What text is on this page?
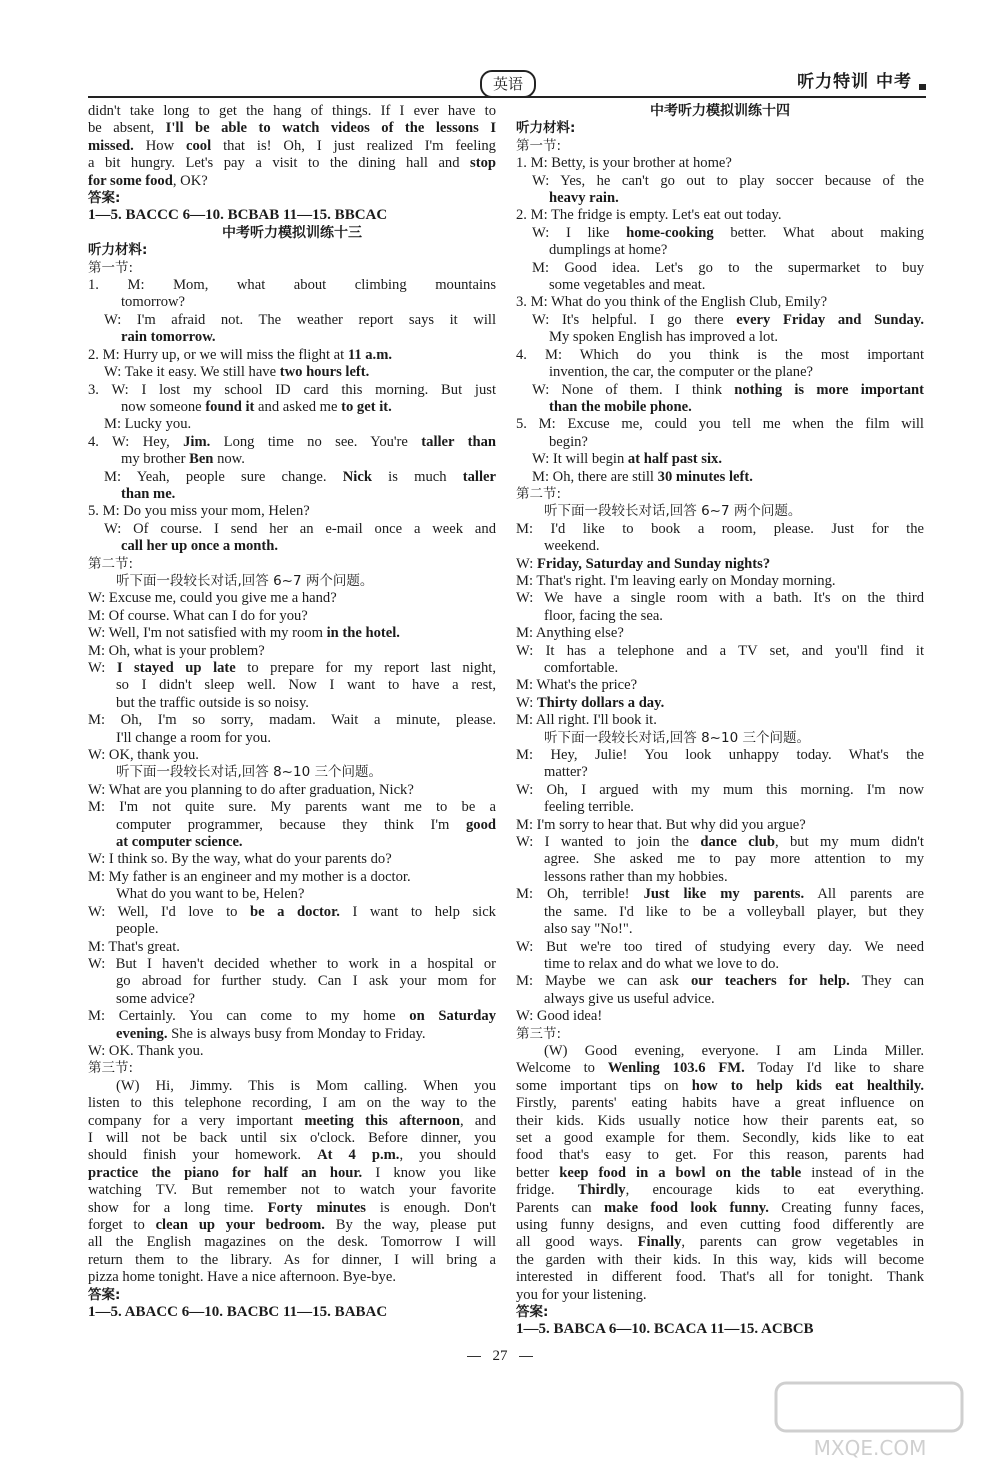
英语	听力特训 中考
didn't take long to get the hang of things. If I ever have to
be absent, I'll be able to watch videos of the lessons I
missed. How cool that is! Oh, I just realized I'm feeling
a bit hungry. Let's pay a visit to the dining hall and stop
for some food, OK?
答案:
1—5. BACCC 6—10. BCBAB 11—15. BBCAC
中考听力模拟训练十三
听力材料:
第一节:
1. M: Mom, what about climbing mountains
tomorrow?
W: I'm afraid not. The weather report says it will
rain tomorrow.
2. M: Hurry up, or we will miss the flight at 11 a.m.
W: Take it easy. We still have two hours left.
3. W: I lost my school ID card this morning. But just
now someone found it and asked me to get it.
M: Lucky you.
4. W: Hey, Jim. Long time no see. You're taller than
my brother Ben now.
M: Yeah, people sure change. Nick is much taller
than me.
5. M: Do you miss your mom, Helen?
W: Of course. I send her an e-mail once a week and
call her up once a month.
第二节:
听下面一段较长对话,回答 6~7 两个问题。
W: Excuse me, could you give me a hand?
M: Of course. What can I do for you?
W: Well, I'm not satisfied with my room in the hotel.
M: Oh, what is your problem?
W: I stayed up late to prepare for my report last night,
so I didn't sleep well. Now I want to have a rest,
but the traffic outside is so noisy.
M: Oh, I'm so sorry, madam. Wait a minute, please.
I'll change a room for you.
W: OK, thank you.
听下面一段较长对话,回答 8~10 三个问题。
W: What are you planning to do after graduation, Nick?
M: I'm not quite sure. My parents want me to be a
computer programmer, because they think I'm good
at computer science.
W: I think so. By the way, what do your parents do?
M: My father is an engineer and my mother is a doctor.
What do you want to be, Helen?
W: Well, I'd love to be a doctor. I want to help sick
people.
M: That's great.
W: But I haven't decided whether to work in a hospital or
go abroad for further study. Can I ask your mom for
some advice?
M: Certainly. You can come to my home on Saturday
evening. She is always busy from Monday to Friday.
W: OK. Thank you.
第三节:
(W) Hi, Jimmy. This is Mom calling. When you
listen to this telephone recording, I am on the way to the
company for a very important meeting this afternoon, and
I will not be back until six o'clock. Before dinner, you
should finish your homework. At 4 p.m., you should
practice the piano for half an hour. I know you like
watching TV. But remember not to watch your favorite
show for a long time. Forty minutes is enough. Don't
forget to clean up your bedroom. By the way, please put
all the English magazines on the desk. Tomorrow I will
return them to the library. As for dinner, I will bring a
pizza home tonight. Have a nice afternoon. Bye-bye.
答案:
1—5. ABACC 6—10. BACBC 11—15. BABAC
中考听力模拟训练十四
听力材料:
第一节:
1. M: Betty, is your brother at home?
W: Yes, he can't go out to play soccer because of the
heavy rain.
2. M: The fridge is empty. Let's eat out today.
W: I like home-cooking better. What about making
dumplings at home?
M: Good idea. Let's go to the supermarket to buy
some vegetables and meat.
3. M: What do you think of the English Club, Emily?
W: It's helpful. I go there every Friday and Sunday.
My spoken English has improved a lot.
4. M: Which do you think is the most important
invention, the car, the computer or the plane?
W: None of them. I think nothing is more important
than the mobile phone.
5. M: Excuse me, could you tell me when the film will
begin?
W: It will begin at half past six.
M: Oh, there are still 30 minutes left.
第二节:
听下面一段较长对话,回答 6~7 两个问题。
M: I'd like to book a room, please. Just for the
weekend.
W: Friday, Saturday and Sunday nights?
M: That's right. I'm leaving early on Monday morning.
W: We have a single room with a bath. It's on the third
floor, facing the sea.
M: Anything else?
W: It has a telephone and a TV set, and you'll find it
comfortable.
M: What's the price?
W: Thirty dollars a day.
M: All right. I'll book it.
听下面一段较长对话,回答 8~10 三个问题。
M: Hey, Julie! You look unhappy today. What's the
matter?
W: Oh, I argued with my mum this morning. I'm now
feeling terrible.
M: I'm sorry to hear that. But why did you argue?
W: I wanted to join the dance club, but my mum didn't
agree. She asked me to pay more attention to my
lessons rather than my hobbies.
M: Oh, terrible! Just like my parents. All parents are
the same. I'd like to be a volleyball player, but they
also say "No!".
W: But we're too tired of studying every day. We need
time to relax and do what we love to do.
M: Maybe we can ask our teachers for help. They can
always give us useful advice.
W: Good idea!
第三节:
(W) Good evening, everyone. I am Linda Miller.
Welcome to Wenling 103.6 FM. Today I'd like to share
some important tips on how to help kids eat healthily.
Firstly, parents' eating habits have a great influence on
their kids. Kids usually notice how their parents eat, so
set a good example for them. Secondly, kids like to eat
food that's easy to get. For this reason, parents had
better keep food in a bowl on the table instead of in the
fridge. Thirdly, encourage kids to eat everything.
Parents can make food look funny. Creating funny faces,
using funny designs, and even cutting food differently are
all good ways. Finally, parents can grow vegetables in
the garden with their kids. In this way, kids will become
interested in different food. That's all for tonight. Thank
you for your listening.
答案:
1—5. BABCA 6—10. BCACA 11—15. ACBCB
27
MXQE.COM
